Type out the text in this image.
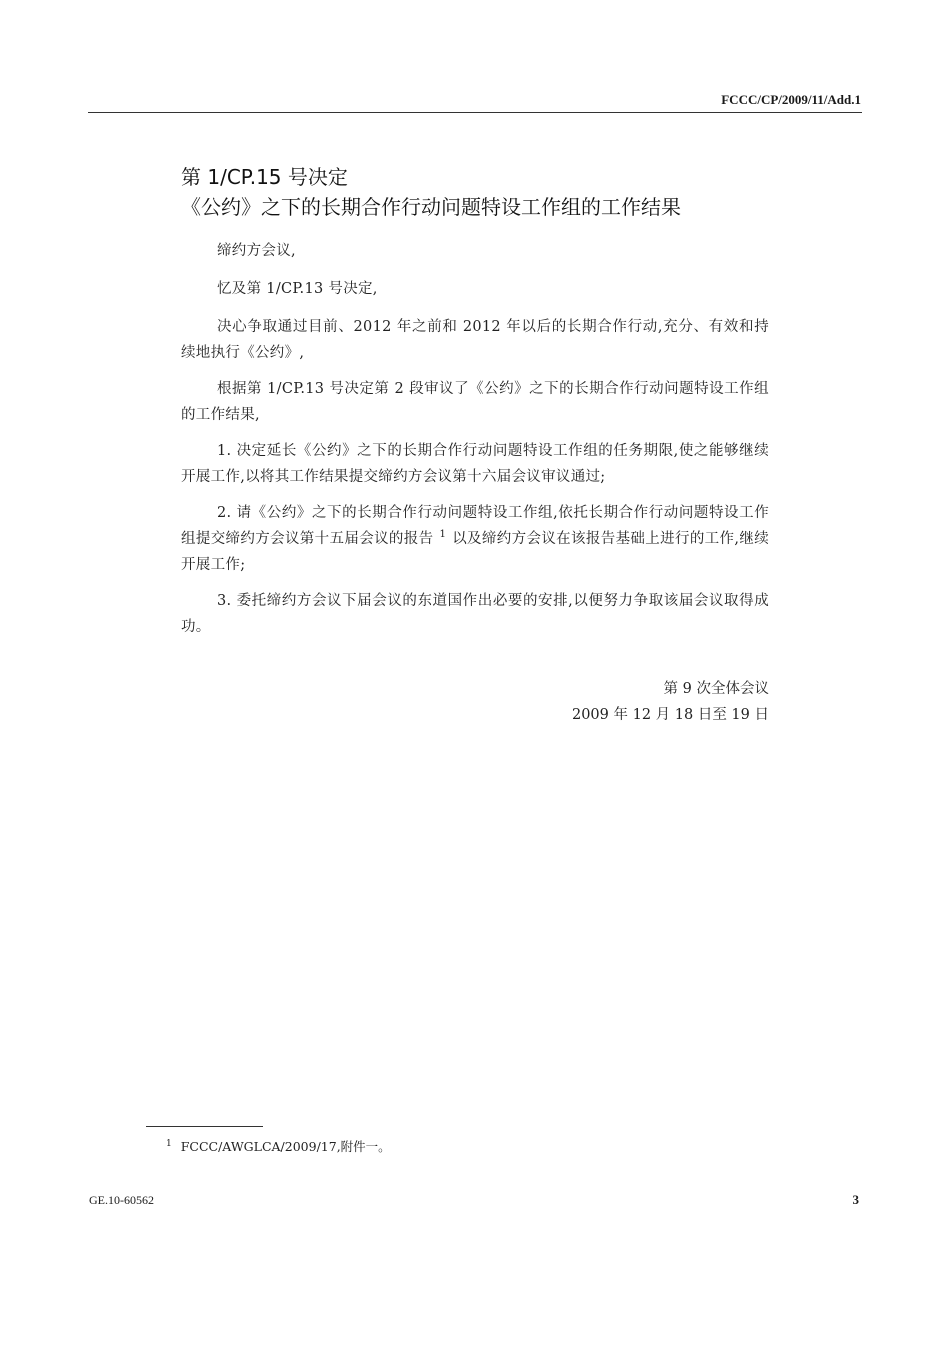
FCCC/CP/2009/11/Add.1
第 1/CP.15 号决定
《公约》之下的长期合作行动问题特设工作组的工作结果

缔约方会议,

忆及第 1/CP.13 号决定,

决心争取通过目前、2012 年之前和 2012 年以后的长期合作行动,充分、有效和持续地执行《公约》,

根据第 1/CP.13 号决定第 2 段审议了《公约》之下的长期合作行动问题特设工作组的工作结果,

1. 决定延长《公约》之下的长期合作行动问题特设工作组的任务期限,使之能够继续开展工作,以将其工作结果提交缔约方会议第十六届会议审议通过;

2. 请《公约》之下的长期合作行动问题特设工作组,依托长期合作行动问题特设工作组提交缔约方会议第十五届会议的报告 $^1$ 以及缔约方会议在该报告基础上进行的工作,继续开展工作;

3. 委托缔约方会议下届会议的东道国作出必要的安排,以便努力争取该届会议取得成功。

第 9 次全体会议
2009 年 12 月 18 日至 19 日
$^1$ FCCC/AWGLCA/2009/17,附件一。
GE.10-60562	3
